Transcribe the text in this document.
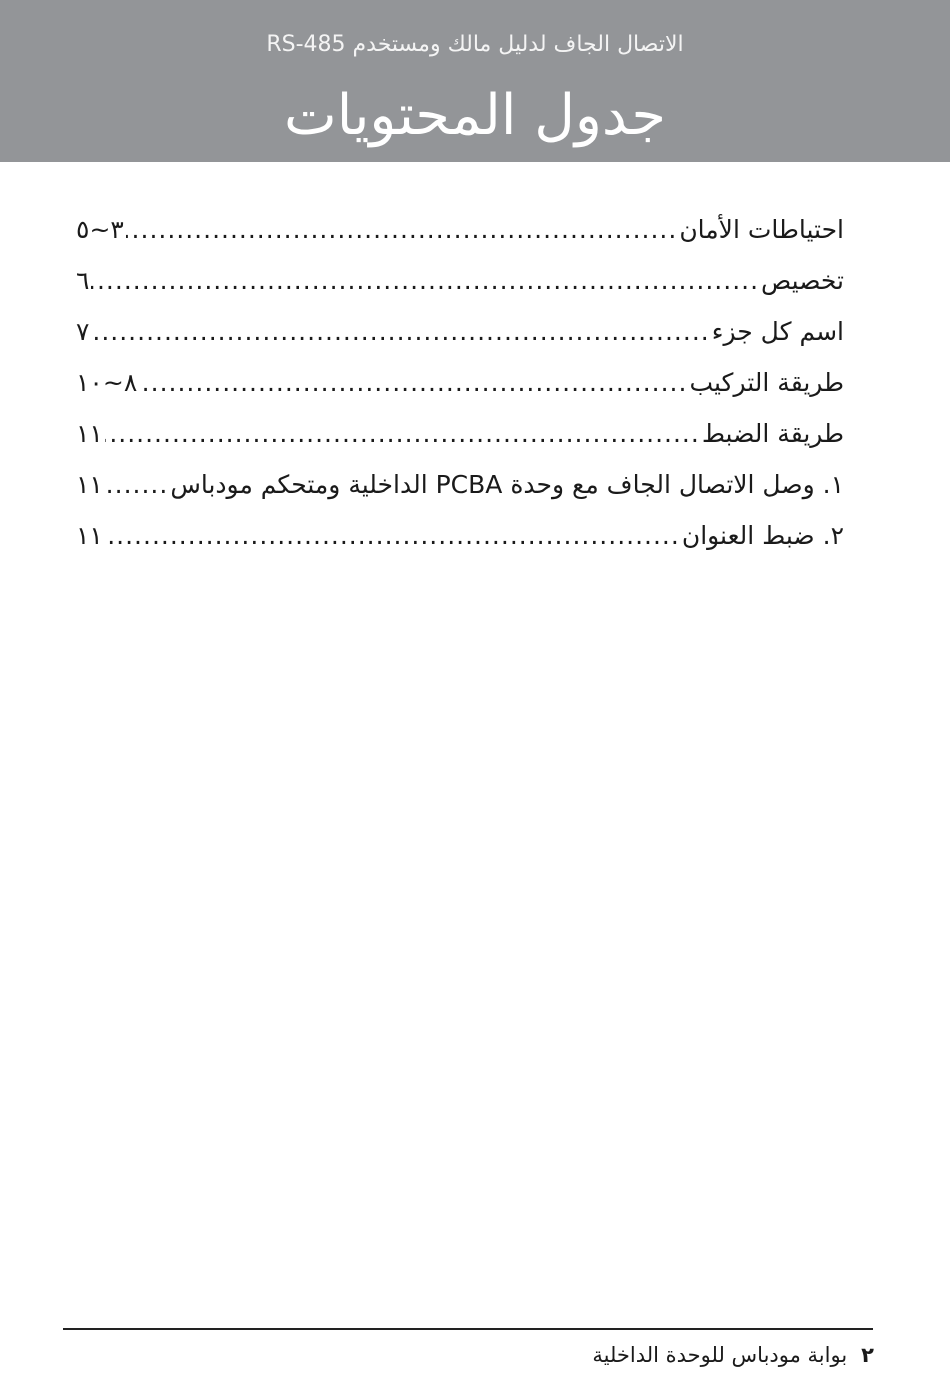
الاتصال الجاف لدليل مالك ومستخدم RS-485
جدول المحتويات
احتياطات الأمان
.....
٣~٥
تخصيص
.....
٦
اسم كل جزء
.....
٧
طريقة التركيب
.....
٨~١٠
طريقة الضبط
.....
١١
١. وصل الاتصال الجاف مع وحدة PCBA الداخلية ومتحكم مودباس
.....
١١
٢. ضبط العنوان
.....
١١
٢
بوابة مودباس للوحدة الداخلية
